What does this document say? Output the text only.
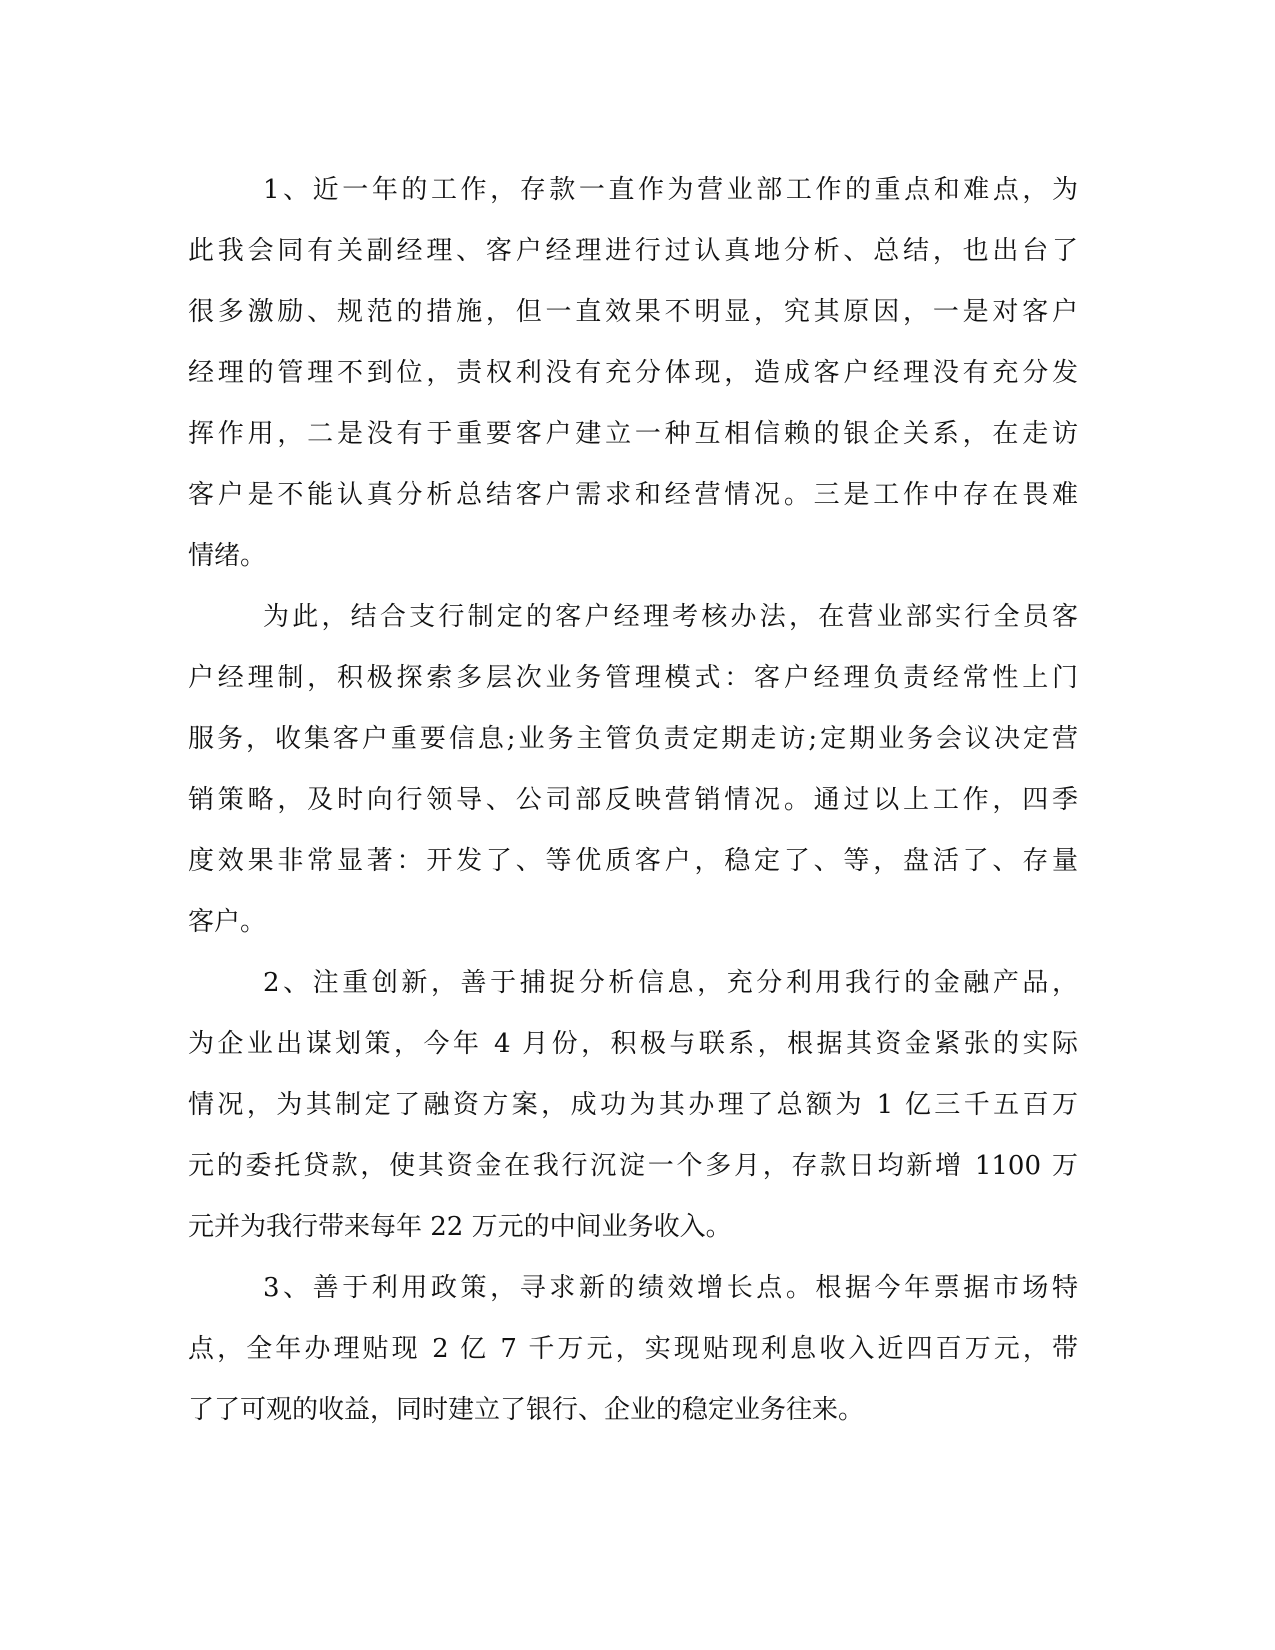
1、近一年的工作，存款一直作为营业部工作的重点和难点，为
此我会同有关副经理、客户经理进行过认真地分析、总结，也出台了
很多激励、规范的措施，但一直效果不明显，究其原因，一是对客户
经理的管理不到位，责权利没有充分体现，造成客户经理没有充分发
挥作用，二是没有于重要客户建立一种互相信赖的银企关系，在走访
客户是不能认真分析总结客户需求和经营情况。三是工作中存在畏难
情绪。
为此，结合支行制定的客户经理考核办法，在营业部实行全员客
户经理制，积极探索多层次业务管理模式：客户经理负责经常性上门
服务，收集客户重要信息;业务主管负责定期走访;定期业务会议决定营
销策略，及时向行领导、公司部反映营销情况。通过以上工作，四季
度效果非常显著：开发了、等优质客户，稳定了、等，盘活了、存量
客户。
2、注重创新，善于捕捉分析信息，充分利用我行的金融产品，
为企业出谋划策，今年 4 月份，积极与联系，根据其资金紧张的实际
情况，为其制定了融资方案，成功为其办理了总额为 1 亿三千五百万
元的委托贷款，使其资金在我行沉淀一个多月，存款日均新增 1100 万
元并为我行带来每年 22 万元的中间业务收入。
3、善于利用政策，寻求新的绩效增长点。根据今年票据市场特
点，全年办理贴现 2 亿 7 千万元，实现贴现利息收入近四百万元，带
了了可观的收益，同时建立了银行、企业的稳定业务往来。
